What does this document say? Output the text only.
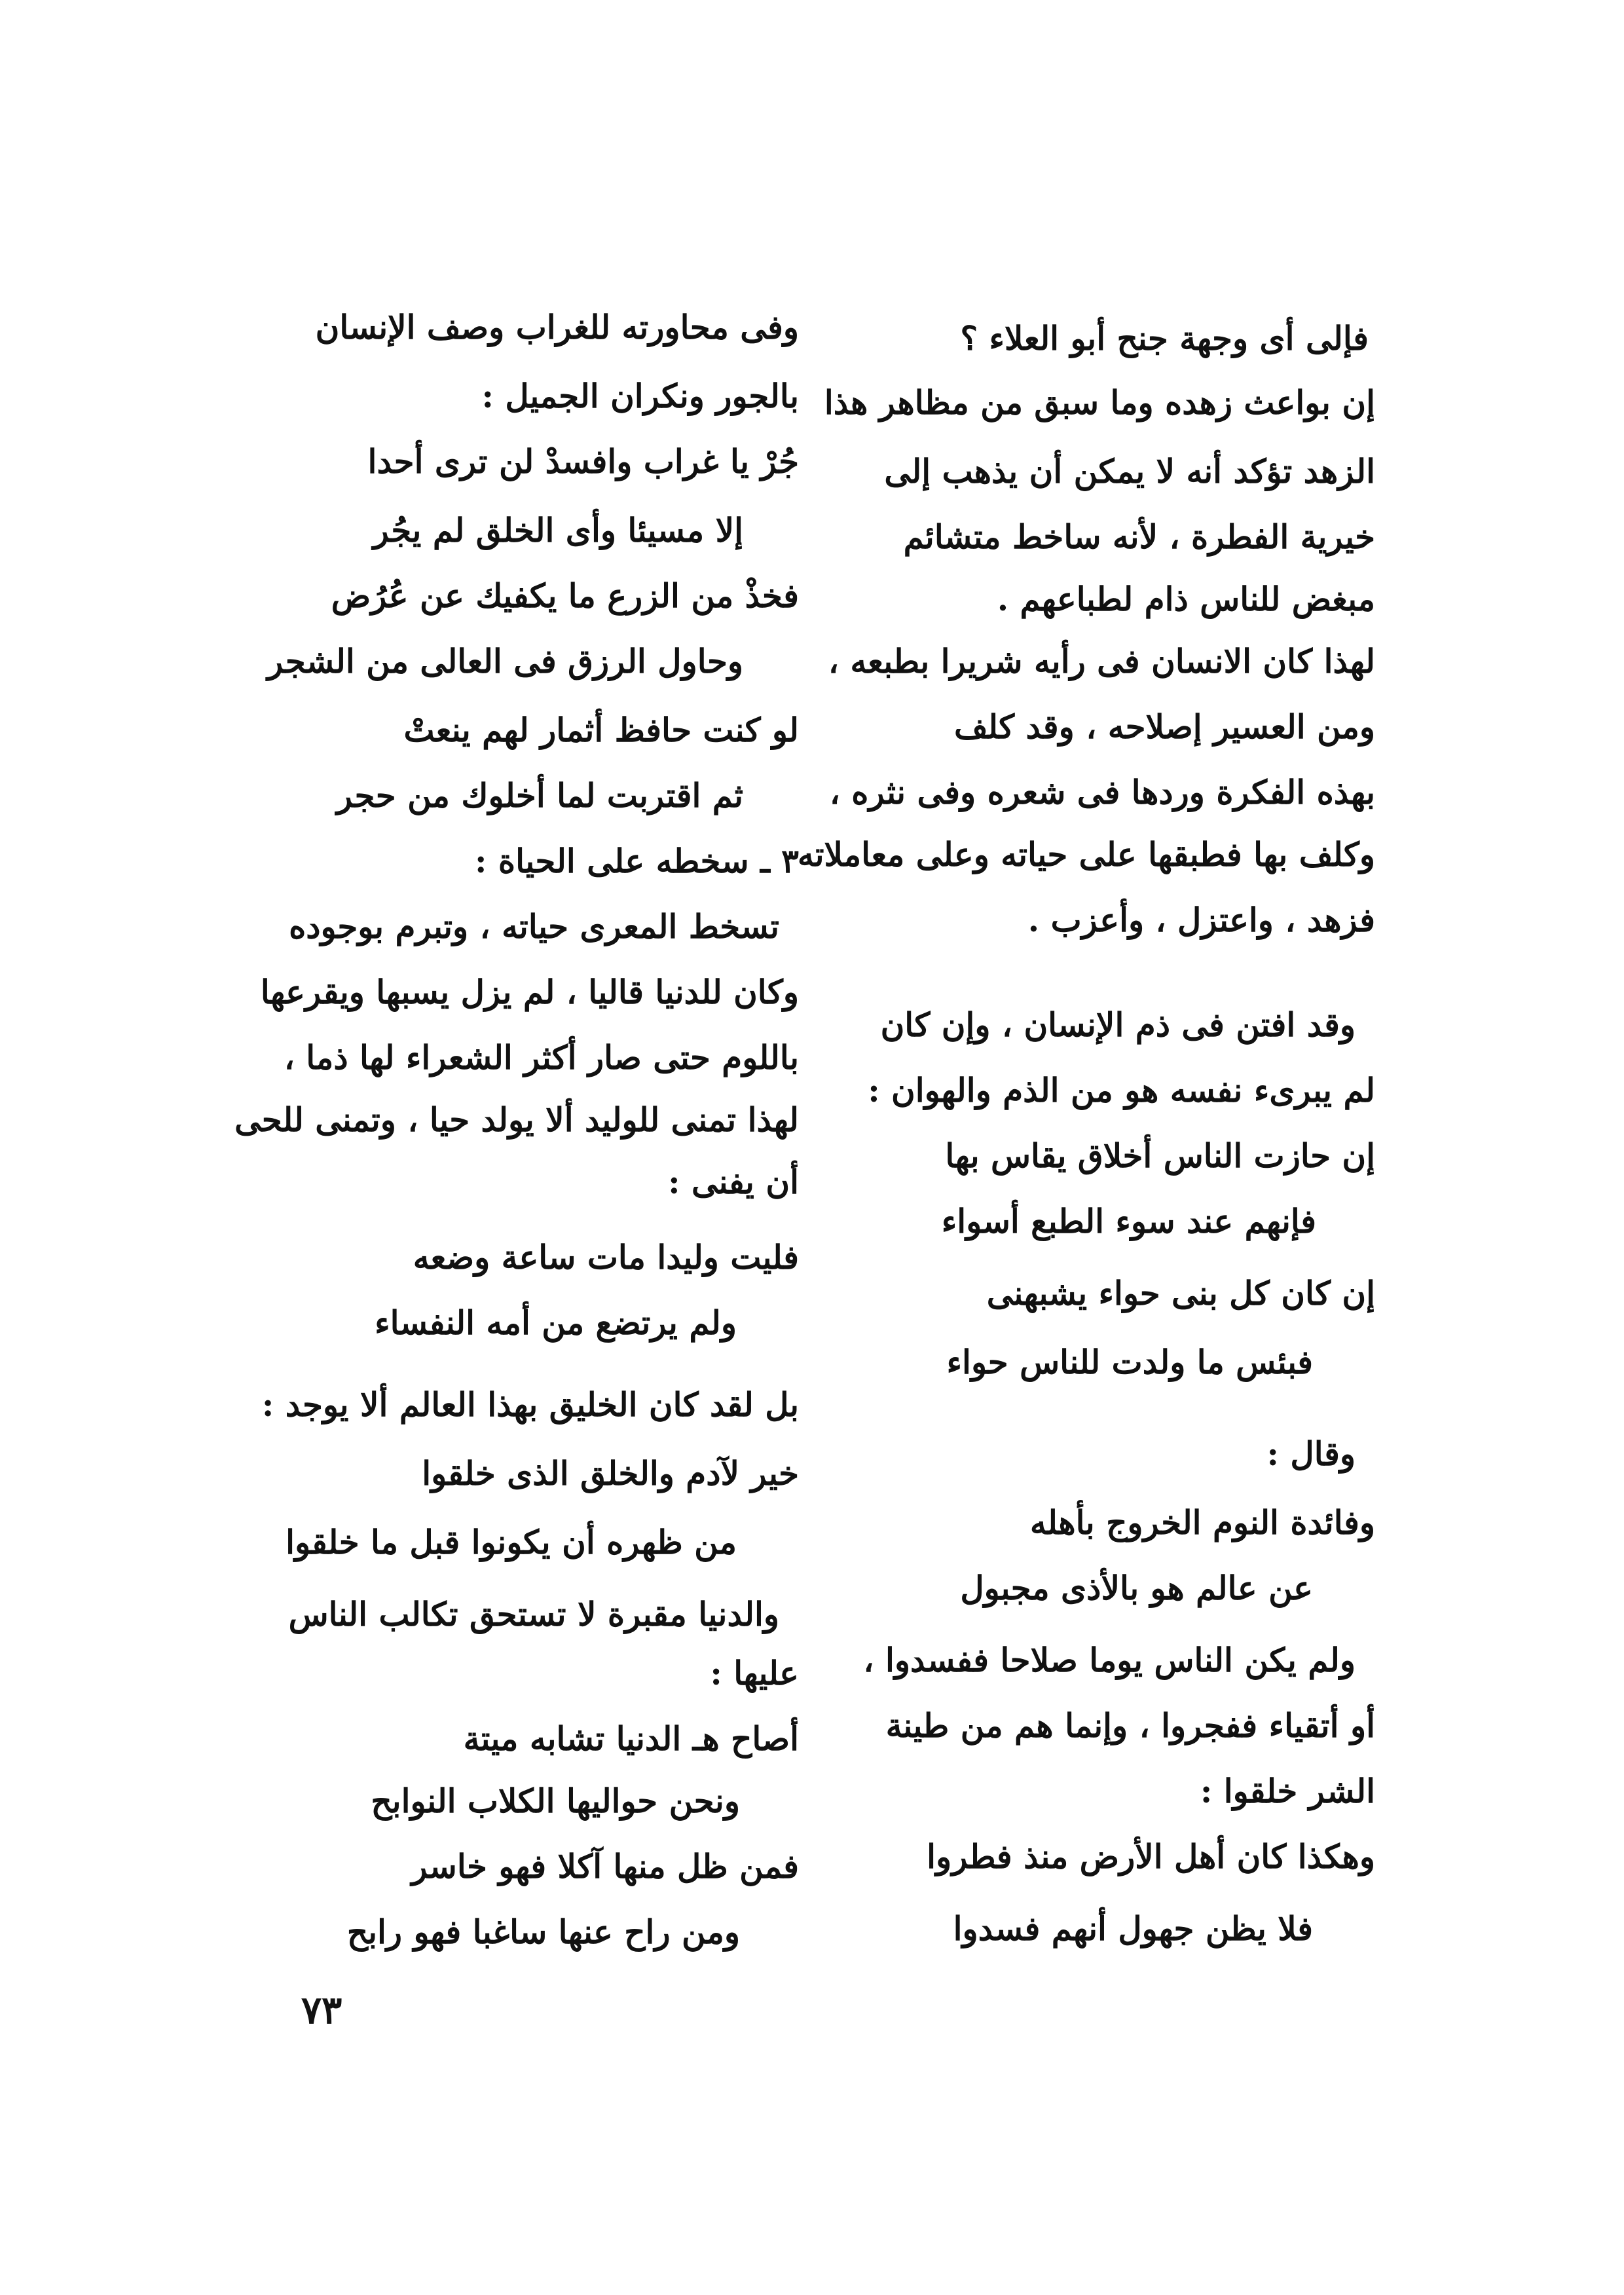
فإلى أى وجهة جنح أبو العلاء ؟
إن بواعث زهده وما سبق من مظاهر هذا
الزهد تؤكد أنه لا يمكن أن يذهب إلى
خيرية الفطرة ، لأنه ساخط متشائم
مبغض للناس ذام لطباعهم .
لهذا كان الانسان فى رأيه شريرا بطبعه ،
ومن العسير إصلاحه ، وقد كلف
بهذه الفكرة وردها فى شعره وفى نثره ،
وكلف بها فطبقها على حياته وعلى معاملاته
فزهد ، واعتزل ، وأعزب .
وقد افتن فى ذم الإنسان ، وإن كان
لم يبرىء نفسه هو من الذم والهوان :
إن حازت الناس أخلاق يقاس بها
فإنهم عند سوء الطبع أسواء
إن كان كل بنى حواء يشبهنى
فبئس ما ولدت للناس حواء
وقال :
وفائدة النوم الخروج بأهله
عن عالم هو بالأذى مجبول
ولم يكن الناس يوما صلاحا ففسدوا ،
أو أتقياء ففجروا ، وإنما هم من طينة
الشر خلقوا :
وهكذا كان أهل الأرض منذ فطروا
فلا يظن جهول أنهم فسدوا
وفى محاورته للغراب وصف الإنسان
بالجور ونكران الجميل :
جُرْ يا غراب وافسدْ لن ترى أحدا
إلا مسيئا وأى الخلق لم يجُر
فخذْ من الزرع ما يكفيك عن عُرُض
وحاول الرزق فى العالى من الشجر
لو كنت حافظ أثمار لهم ينعتْ
ثم اقتربت لما أخلوك من حجر
٣ ـ سخطه على الحياة :
تسخط المعرى حياته ، وتبرم بوجوده
وكان للدنيا قاليا ، لم يزل يسبها ويقرعها
باللوم حتى صار أكثر الشعراء لها ذما ،
لهذا تمنى للوليد ألا يولد حيا ، وتمنى للحى
أن يفنى :
فليت وليدا مات ساعة وضعه
ولم يرتضع من أمه النفساء
بل لقد كان الخليق بهذا العالم ألا يوجد :
خير لآدم والخلق الذى خلقوا
من ظهره أن يكونوا قبل ما خلقوا
والدنيا مقبرة لا تستحق تكالب الناس
عليها :
أصاح هـ الدنيا تشابه ميتة
ونحن حواليها الكلاب النوابح
فمن ظل منها آكلا فهو خاسر
ومن راح عنها ساغبا فهو رابح
٧٣
